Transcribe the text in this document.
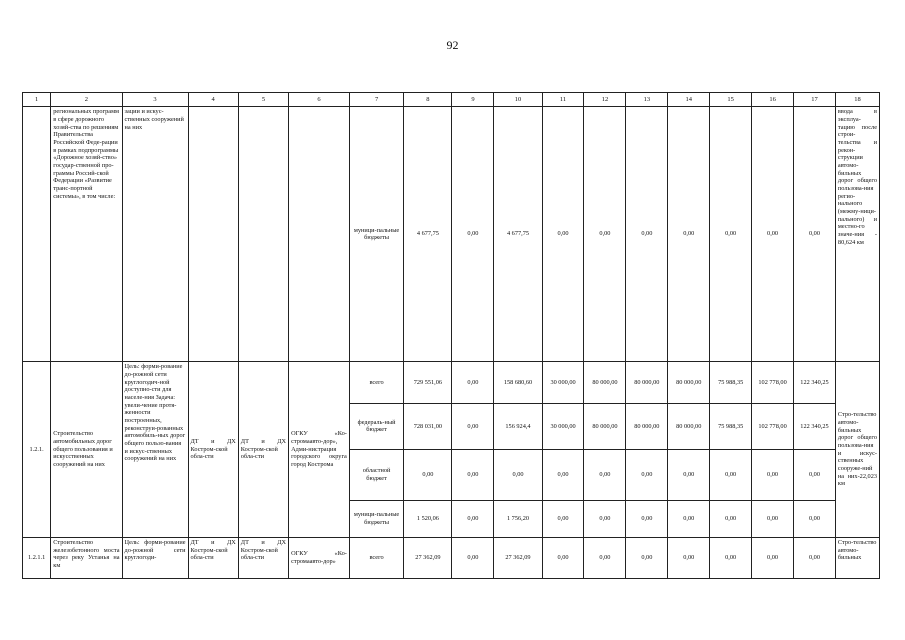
92
1	2	3	4	5	6	7	8	9	10	11	12	13	14	15	16	17	18
	региональных программ в сфере дорожного хозяй-ства по решениям Правительства Российской Феде-рации в рамках подпрограммы «Дорожное хозяй-ство» государ-ственной про-граммы Россий-ской Федерации «Развитие транс-портной системы», в том числе:	зации и искус-ственных сооружений на них				муници-пальные бюджеты	4 677,75	0,00	4 677,75	0,00	0,00	0,00	0,00	0,00	0,00	0,00	ввода в эксплуа-тацию после строи-тельства и рекон-струкции автомо-бильных дорог общего пользова-ния регио-нального (межму-ници-пального) и местно-го значе-ния - 80,624 км
1.2.1.	Строительство автомобильных дорог общего пользования и искусственных сооружений на них	Цель: форми-рование до-рожной сети круглогодич-ной доступно-сти для населе-ния Задача: увели-чение протя-женности построенных, реконструи-рованных автомобиль-ных дорог общего пользо-вания и искус-ственных сооружений на них	ДТ и ДХ Костром-ской обла-сти	ДТ и ДХ Костром-ской обла-сти	ОГКУ «Ко-стромаавто-дор», Адми-нистрация городского округа город Кострома	всего	729 551,06	0,00	158 680,60	30 000,00	80 000,00	80 000,00	80 000,00	75 988,35	102 778,00	122 340,25	Стро-тельство автомо-бильных дорог общего пользова-ния и искус-ственных сооруже-ний на них-22,023 км
						федераль-ный бюджет	728 031,00	0,00	156 924,4	30 000,00	80 000,00	80 000,00	80 000,00	75 988,35	102 778,00	122 340,25	
						областной бюджет	0,00	0,00	0,00	0,00	0,00	0,00	0,00	0,00	0,00	0,00	
						муници-пальные бюджеты	1 520,06	0,00	1 756,20	0,00	0,00	0,00	0,00	0,00	0,00	0,00	
1.2.1.1	Строительство железобетонного моста через реку Устанья на км	Цель: форми-рование до-рожной сети круглогоди-	ДТ и ДХ Костром-ской обла-сти	ДТ и ДХ Костром-ской обла-сти	ОГКУ «Ко-стромаавто-дор»	всего	27 362,09	0,00	27 362,09	0,00	0,00	0,00	0,00	0,00	0,00	0,00	Стро-тельство автомо-бильных
